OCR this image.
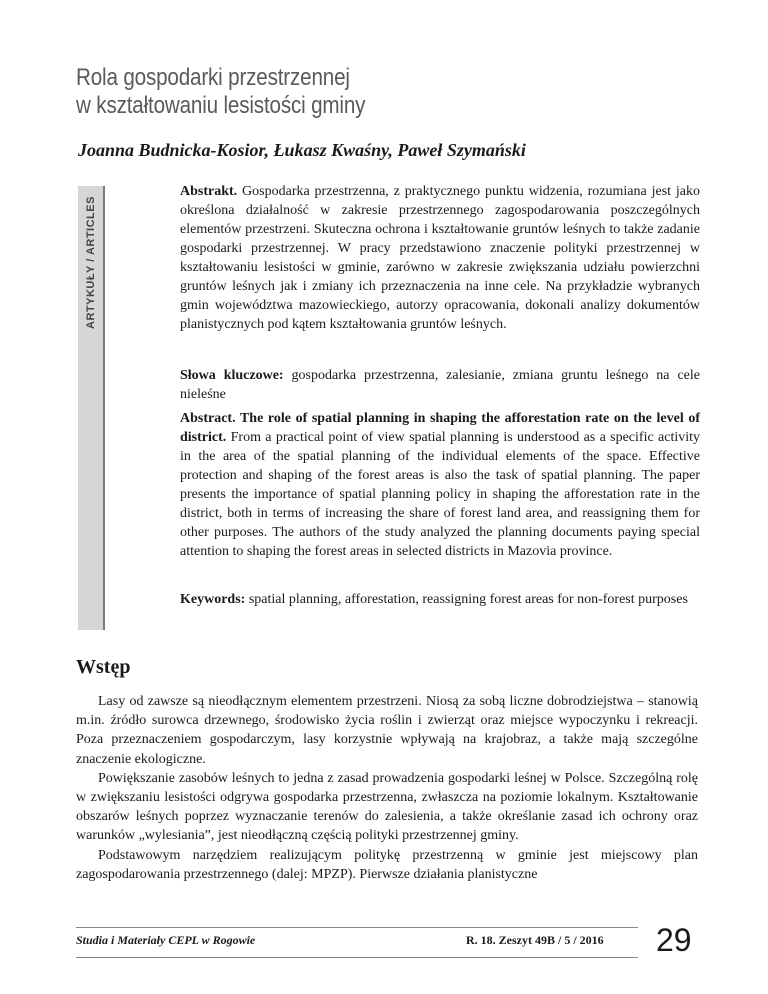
Rola gospodarki przestrzennej
w kształtowaniu lesistości gminy
Joanna Budnicka-Kosior, Łukasz Kwaśny, Paweł Szymański
ARTYKUŁY / ARTICLES
Abstrakt. Gospodarka przestrzenna, z praktycznego punktu widzenia, rozumiana jest jako określona działalność w zakresie przestrzennego zagospodarowania poszczególnych elementów przestrzeni. Skuteczna ochrona i kształtowanie gruntów leśnych to także zadanie gospodarki przestrzennej. W pracy przedstawiono znaczenie polityki przestrzennej w kształtowaniu lesistości w gminie, zarówno w zakresie zwiększania udziału powierzchni gruntów leśnych jak i zmiany ich przeznaczenia na inne cele. Na przykładzie wybranych gmin województwa mazowieckiego, autorzy opracowania, dokonali analizy dokumentów planistycznych pod kątem kształtowania gruntów leśnych.
Słowa kluczowe: gospodarka przestrzenna, zalesianie, zmiana gruntu leśnego na cele nieleśne
Abstract. The role of spatial planning in shaping the afforestation rate on the level of district. From a practical point of view spatial planning is understood as a specific activity in the area of the spatial planning of the individual elements of the space. Effective protection and shaping of the forest areas is also the task of spatial planning. The paper presents the importance of spatial planning policy in shaping the afforestation rate in the district, both in terms of increasing the share of forest land area, and reassigning them for other purposes. The authors of the study analyzed the planning documents paying special attention to shaping the forest areas in selected districts in Mazovia province.
Keywords: spatial planning, afforestation, reassigning forest areas for non-forest purposes
Wstęp

Lasy od zawsze są nieodłącznym elementem przestrzeni. Niosą za sobą liczne dobrodziejstwa – stanowią m.in. źródło surowca drzewnego, środowisko życia roślin i zwierząt oraz miejsce wypoczynku i rekreacji. Poza przeznaczeniem gospodarczym, lasy korzystnie wpływają na krajobraz, a także mają szczególne znaczenie ekologiczne.

Powiększanie zasobów leśnych to jedna z zasad prowadzenia gospodarki leśnej w Polsce. Szczególną rolę w zwiększaniu lesistości odgrywa gospodarka przestrzenna, zwłaszcza na poziomie lokalnym. Kształtowanie obszarów leśnych poprzez wyznaczanie terenów do zalesienia, a także określanie zasad ich ochrony oraz warunków „wylesiania”, jest nieodłączną częścią polityki przestrzennej gminy.

Podstawowym narzędziem realizującym politykę przestrzenną w gminie jest miejscowy plan zagospodarowania przestrzennego (dalej: MPZP). Pierwsze działania planistyczne

Studia i Materiały CEPL w Rogowie	R. 18. Zeszyt 49B / 5 / 2016 29
